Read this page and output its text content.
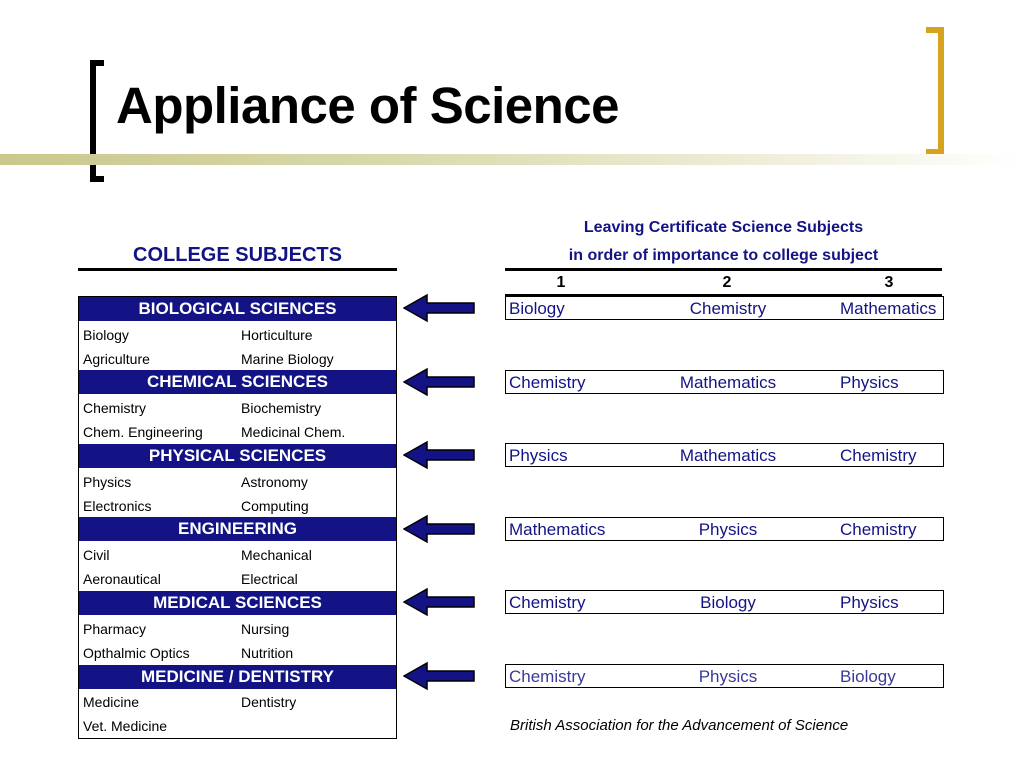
Appliance of Science
COLLEGE SUBJECTS
Leaving Certificate Science Subjects
in order of importance to college subject
1	2	3
BIOLOGICAL SCIENCES
Biology	Horticulture
Agriculture	Marine Biology
CHEMICAL SCIENCES
Chemistry	Biochemistry
Chem. Engineering	Medicinal Chem.
PHYSICAL SCIENCES
Physics	Astronomy
Electronics	Computing
ENGINEERING
Civil	Mechanical
Aeronautical	Electrical
MEDICAL SCIENCES
Pharmacy	Nursing
Opthalmic Optics	Nutrition
MEDICINE / DENTISTRY
Medicine	Dentistry
Vet. Medicine
Biology	Chemistry	Mathematics
Chemistry	Mathematics	Physics
Physics	Mathematics	Chemistry
Mathematics	Physics	Chemistry
Chemistry	Biology	Physics
Chemistry	Physics	Biology
British Association for the Advancement of Science
